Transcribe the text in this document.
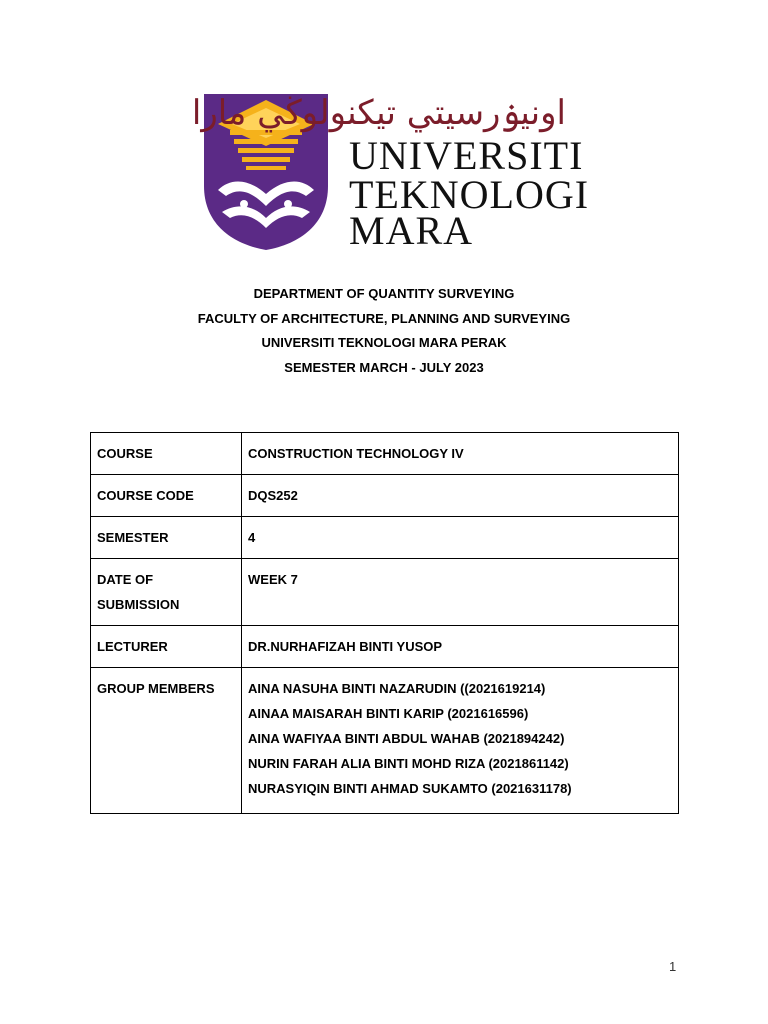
اونيۏرسيتي تيكنولوڬي مارا
UNIVERSITI
TEKNOLOGI
MARA
DEPARTMENT OF QUANTITY SURVEYING
FACULTY OF ARCHITECTURE, PLANNING AND SURVEYING
UNIVERSITI TEKNOLOGI MARA PERAK
SEMESTER MARCH - JULY 2023
COURSE	CONSTRUCTION TECHNOLOGY IV
COURSE CODE	DQS252
SEMESTER	4

DATE OF
SUBMISSION	WEEK 7
LECTURER	DR.NURHAFIZAH BINTI YUSOP
GROUP MEMBERS	AINA NASUHA BINTI NAZARUDIN ((2021619214)
AINAA MAISARAH BINTI KARIP (2021616596)
AINA WAFIYAA BINTI ABDUL WAHAB (2021894242)
NURIN FARAH ALIA BINTI MOHD RIZA (2021861142)
NURASYIQIN BINTI AHMAD SUKAMTO (2021631178)
1
